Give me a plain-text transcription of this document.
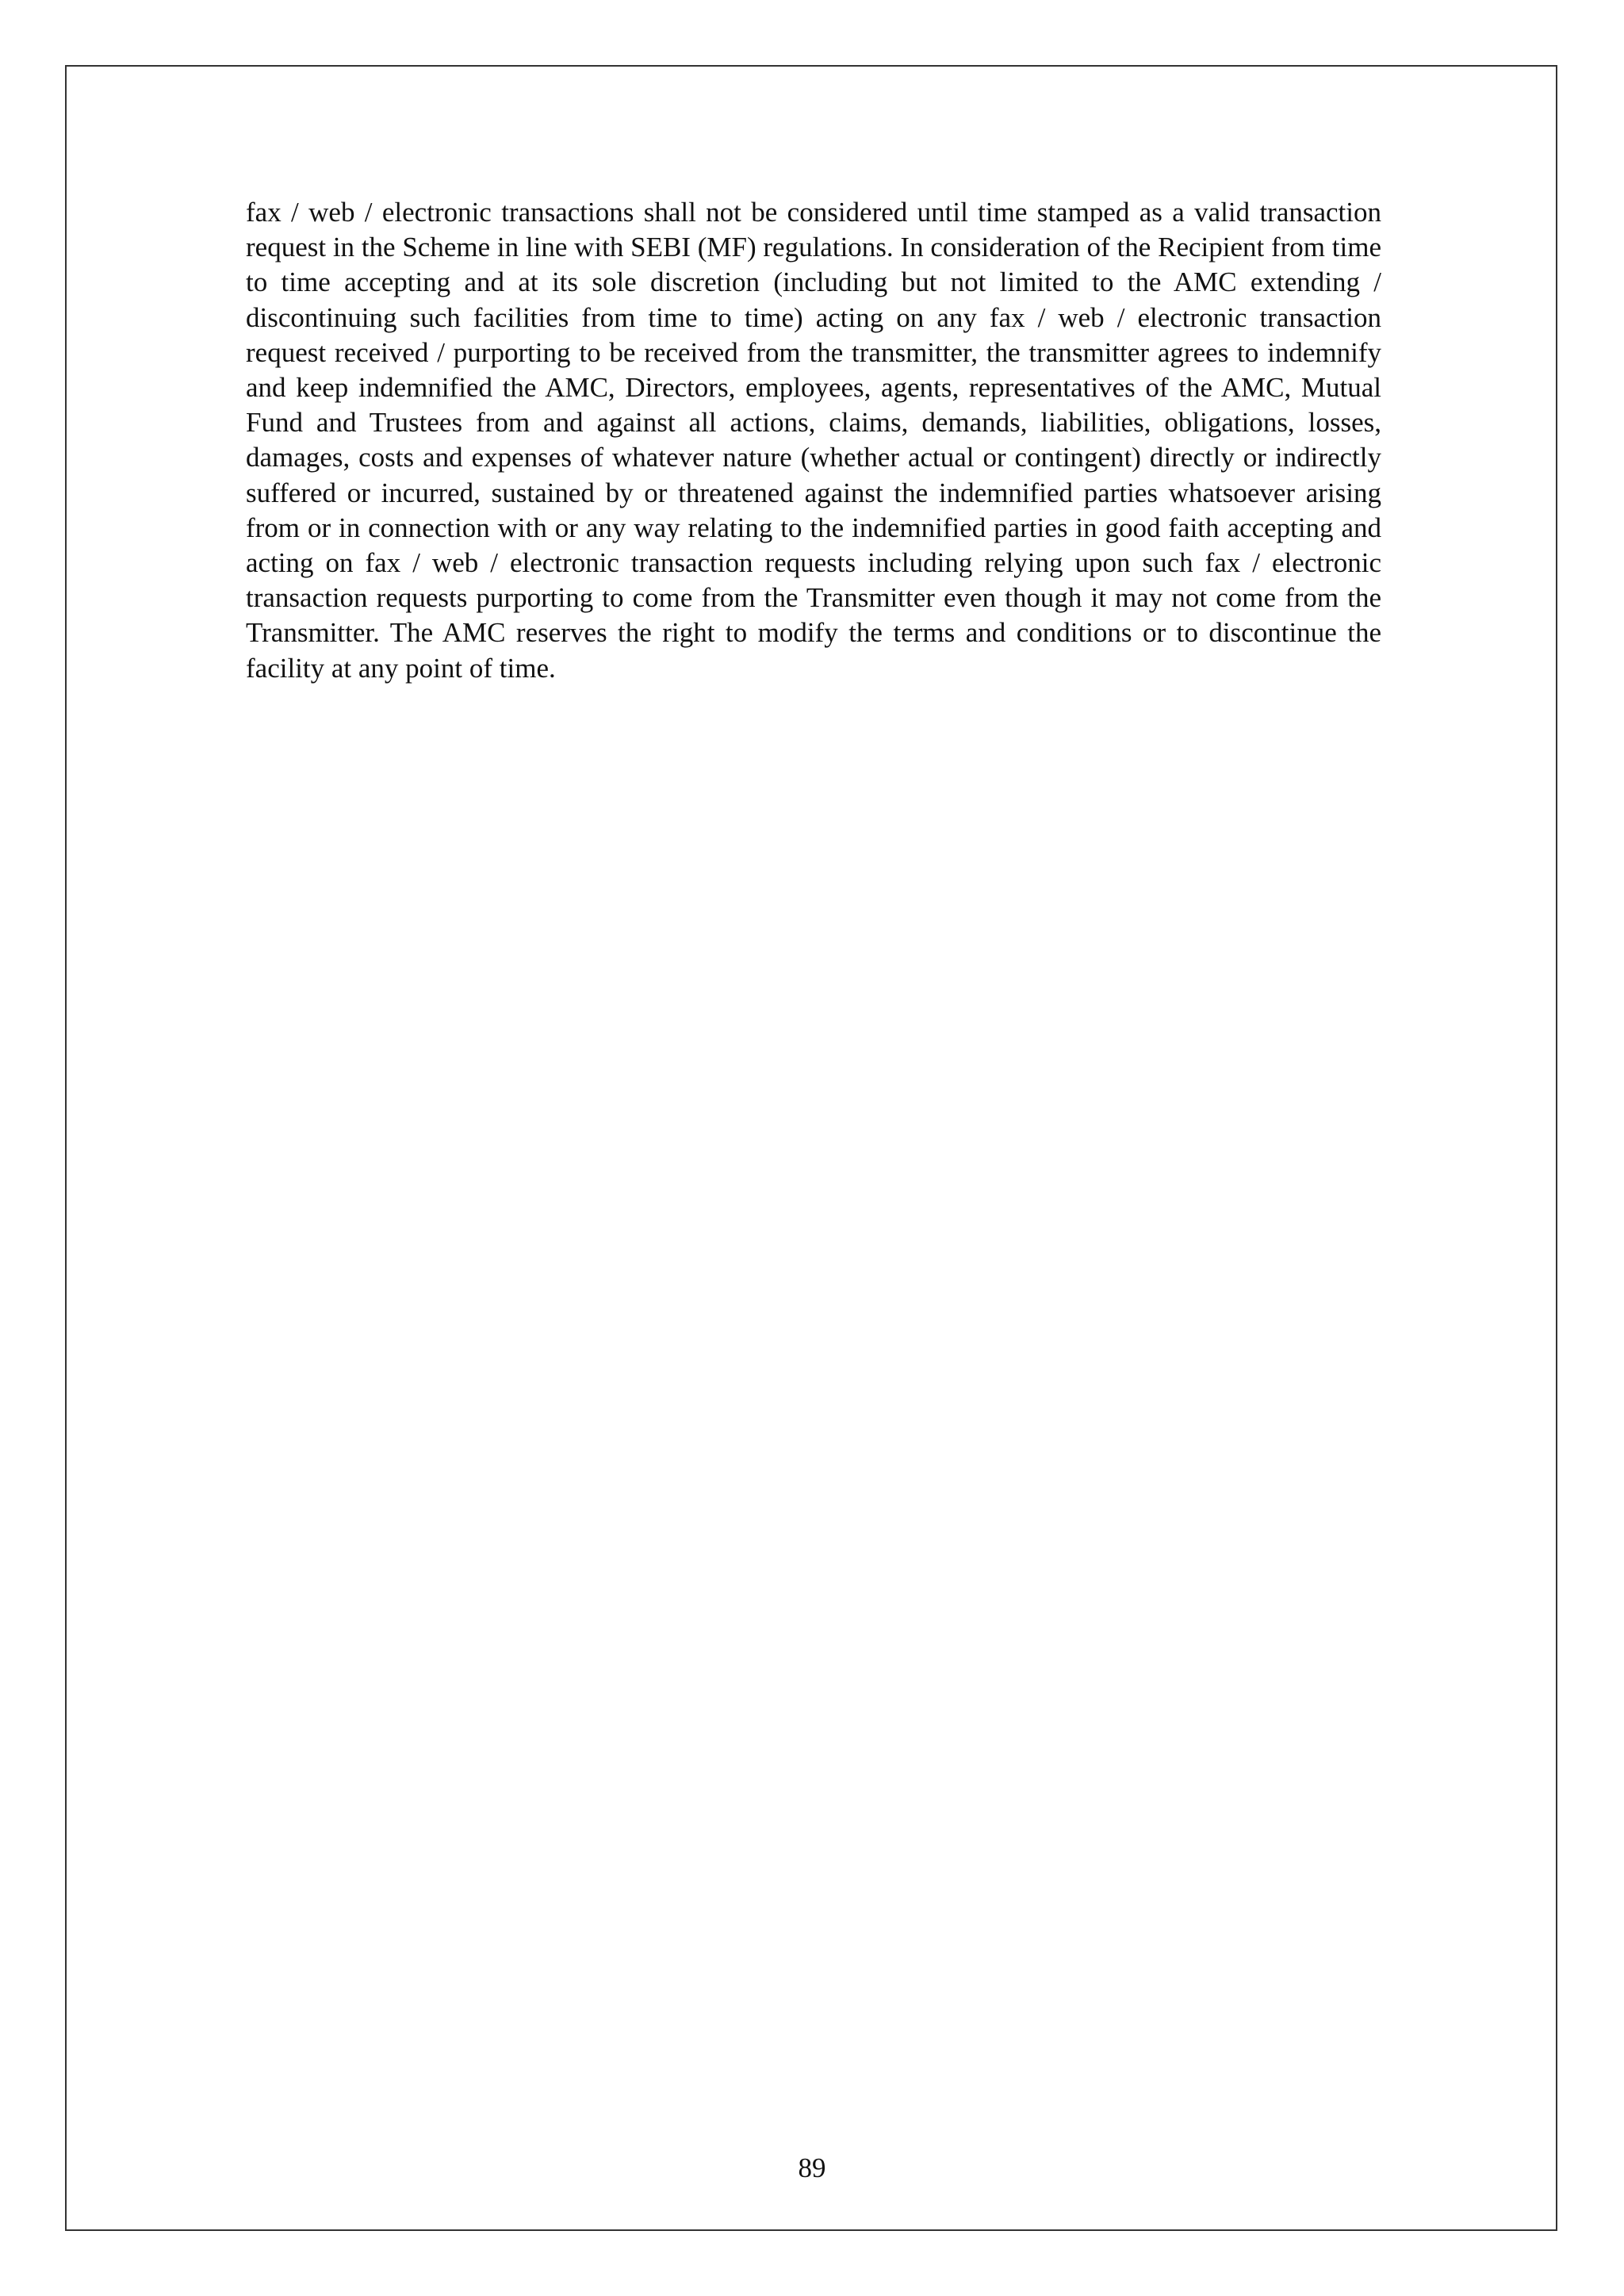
fax / web / electronic transactions shall not be considered until time stamped as a valid transaction request in the Scheme in line with SEBI (MF) regulations. In consideration of the Recipient from time to time accepting and at its sole discretion (including but not limited to the AMC extending / discontinuing such facilities from time to time) acting on any fax / web / electronic transaction request received / purporting to be received from the transmitter, the transmitter agrees to indemnify and keep indemnified the AMC, Directors, employees, agents, representatives of the AMC, Mutual Fund and Trustees from and against all actions, claims, demands, liabilities, obligations, losses, damages, costs and expenses of whatever nature (whether actual or contingent) directly or indirectly suffered or incurred, sustained by or threatened against the indemnified parties whatsoever arising from or in connection with or any way relating to the indemnified parties in good faith accepting and acting on fax / web / electronic transaction requests including relying upon such fax / electronic transaction requests purporting to come from the Transmitter even though it may not come from the Transmitter. The AMC reserves the right to modify the terms and conditions or to discontinue the facility at any point of time.

89
